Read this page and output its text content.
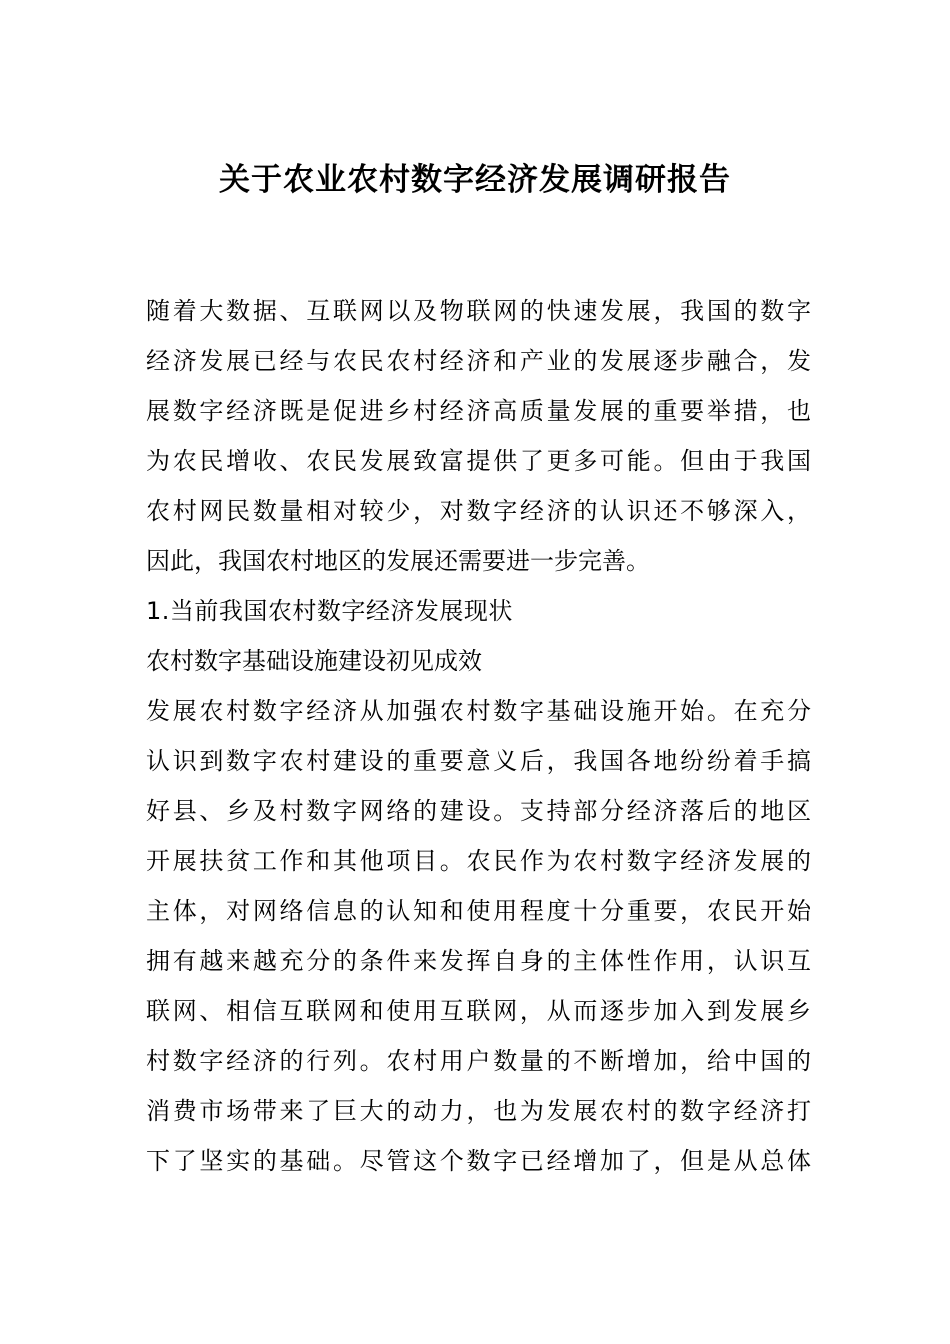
关于农业农村数字经济发展调研报告

随着大数据、互联网以及物联网的快速发展，我国的数字

经济发展已经与农民农村经济和产业的发展逐步融合，发

展数字经济既是促进乡村经济高质量发展的重要举措，也

为农民增收、农民发展致富提供了更多可能。但由于我国

农村网民数量相对较少，对数字经济的认识还不够深入，

因此，我国农村地区的发展还需要进一步完善。

1.当前我国农村数字经济发展现状

农村数字基础设施建设初见成效

发展农村数字经济从加强农村数字基础设施开始。在充分

认识到数字农村建设的重要意义后，我国各地纷纷着手搞

好县、乡及村数字网络的建设。支持部分经济落后的地区

开展扶贫工作和其他项目。农民作为农村数字经济发展的

主体，对网络信息的认知和使用程度十分重要，农民开始

拥有越来越充分的条件来发挥自身的主体性作用，认识互

联网、相信互联网和使用互联网，从而逐步加入到发展乡

村数字经济的行列。农村用户数量的不断增加，给中国的

消费市场带来了巨大的动力，也为发展农村的数字经济打

下了坚实的基础。尽管这个数字已经增加了，但是从总体
